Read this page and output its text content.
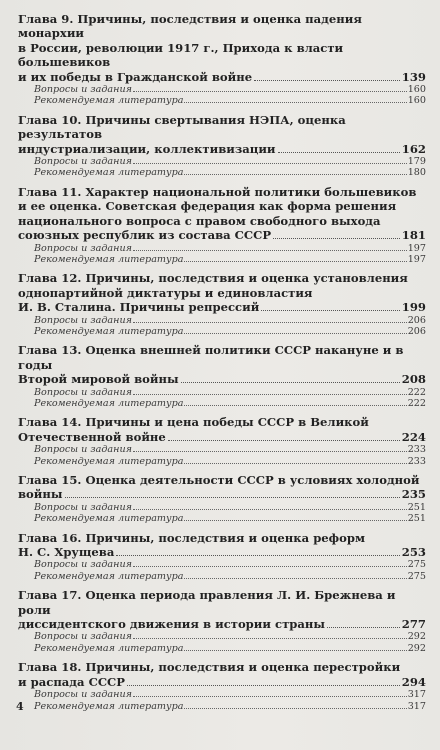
Глава 9. Причины, последствия и оценка падения монархии
в России, революции 1917 г., Прихода к власти большевиков
и их победы в Гражданской войне	139
Вопросы и задания	160
Рекомендуемая литература	160
Глава 10. Причины свертывания НЭПА, оценка результатов
индустриализации, коллективизации	162
Вопросы и задания	179
Рекомендуемая литература	180
Глава 11. Характер национальной политики большевиков
и ее оценка. Советская федерация как форма решения
национального вопроса с правом свободного выхода
союзных республик из состава СССР	181
Вопросы и задания	197
Рекомендуемая литература	197
Глава 12. Причины, последствия и оценка установления
однопартийной диктатуры и единовластия
И. В. Сталина. Причины репрессий	199
Вопросы и задания	206
Рекомендуемая литература	206
Глава 13. Оценка внешней политики СССР накануне и в годы
Второй мировой войны	208
Вопросы и задания	222
Рекомендуемая литература	222
Глава 14. Причины и цена победы СССР в Великой
Отечественной войне	224
Вопросы и задания	233
Рекомендуемая литература	233
Глава 15. Оценка деятельности СССР в условиях холодной
войны	235
Вопросы и задания	251
Рекомендуемая литература	251
Глава 16. Причины, последствия и оценка реформ
Н. С. Хрущева	253
Вопросы и задания	275
Рекомендуемая литература	275
Глава 17. Оценка периода правления Л. И. Брежнева и роли
диссидентского движения в истории страны	277
Вопросы и задания	292
Рекомендуемая литература	292
Глава 18. Причины, последствия и оценка перестройки
и распада СССР	294
Вопросы и задания	317
Рекомендуемая литература	317
4
